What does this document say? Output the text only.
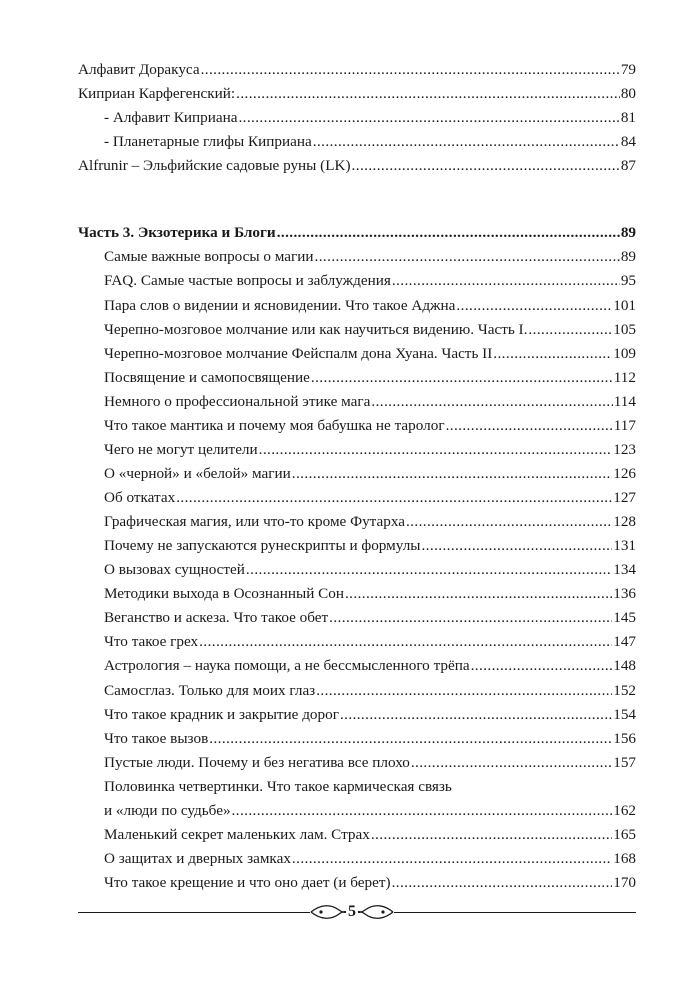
Алфавит Доракуса .....	79
Киприан Карфегенский: .....	80
- Алфавит Киприана .....	81
- Планетарные глифы Киприана .....	84
Alfrunir – Эльфийские садовые руны (LK) .....	87
Часть 3. Экзотерика и Блоги .....	89
Самые важные вопросы о магии .....	89
FAQ. Самые частые вопросы и заблуждения .....	95
Пара слов о видении и ясновидении. Что такое Аджна .....	101
Черепно-мозговое молчание или как научиться видению. Часть I. .....	105
Черепно-мозговое молчание Фейспалм дона Хуана. Часть II .....	109
Посвящение и самопосвящение .....	112
Немного о профессиональной этике мага .....	114
Что такое мантика и почему моя бабушка не таролог .....	117
Чего не могут целители .....	123
О «черной» и «белой» магии .....	126
Об откатах .....	127
Графическая магия, или что-то кроме Футарха .....	128
Почему не запускаются рунескрипты и формулы .....	131
О вызовах сущностей .....	134
Методики выхода в Осознанный Сон .....	136
Веганство и аскеза. Что такое обет .....	145
Что такое грех .....	147
Астрология – наука помощи, а не бессмысленного трёпа .....	148
Самосглаз. Только для моих глаз .....	152
Что такое крадник и закрытие дорог .....	154
Что такое вызов .....	156
Пустые люди. Почему и без негатива все плохо .....	157
Половинка четвертинки. Что такое кармическая связь
и «люди по судьбе» .....	162
Маленький секрет маленьких лам. Страх .....	165
О защитах и дверных замках .....	168
Что такое крещение и что оно дает (и берет) .....	170
5
